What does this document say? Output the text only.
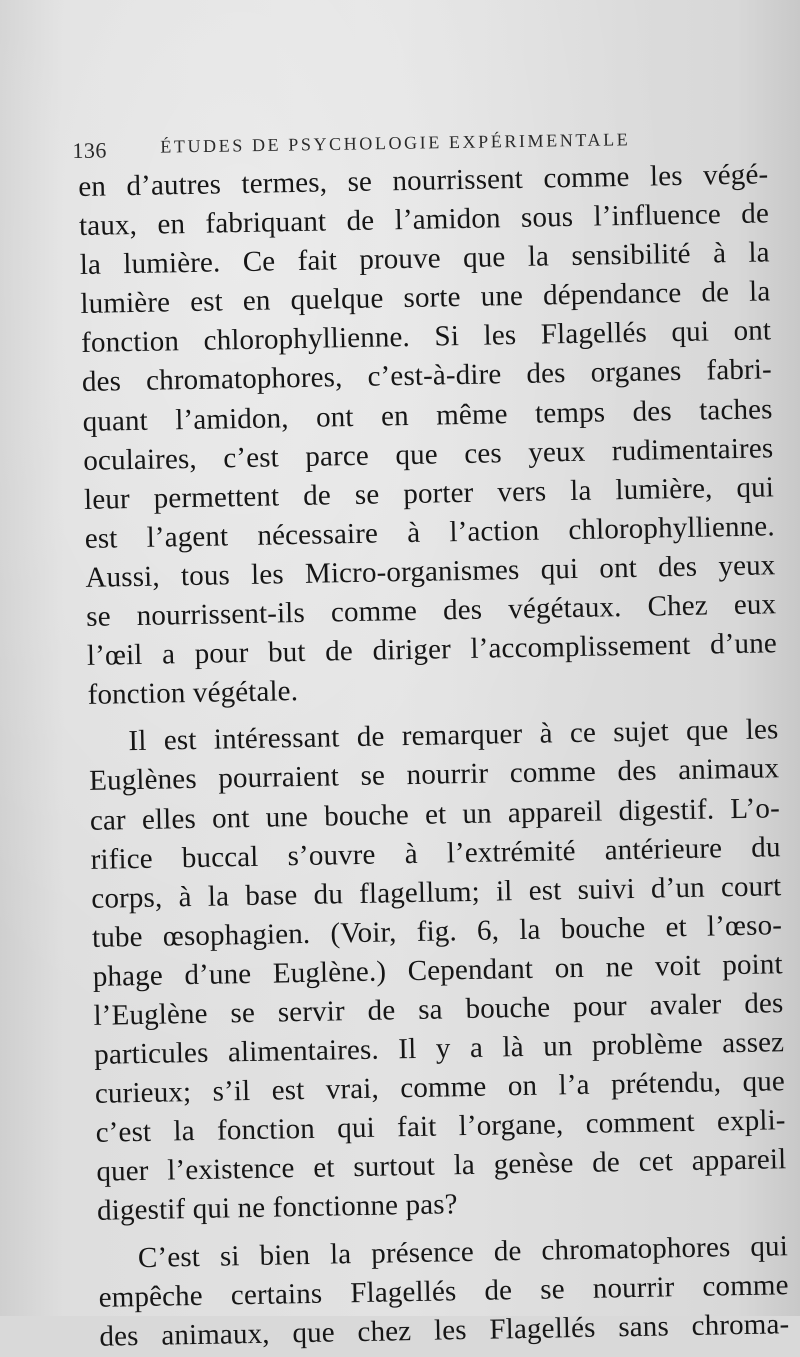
136	ÉTUDES DE PSYCHOLOGIE EXPÉRIMENTALE
en d’autres termes, se nourrissent comme les végé-
taux, en fabriquant de l’amidon sous l’influence de
la lumière. Ce fait prouve que la sensibilité à la
lumière est en quelque sorte une dépendance de la
fonction chlorophyllienne. Si les Flagellés qui ont
des chromatophores, c’est-à-dire des organes fabri-
quant l’amidon, ont en même temps des taches
oculaires, c’est parce que ces yeux rudimentaires
leur permettent de se porter vers la lumière, qui
est l’agent nécessaire à l’action chlorophyllienne.
Aussi, tous les Micro-organismes qui ont des yeux
se nourrissent-ils comme des végétaux. Chez eux
l’œil a pour but de diriger l’accomplissement d’une
fonction végétale.
Il est intéressant de remarquer à ce sujet que les
Euglènes pourraient se nourrir comme des animaux
car elles ont une bouche et un appareil digestif. L’o-
rifice buccal s’ouvre à l’extrémité antérieure du
corps, à la base du flagellum; il est suivi d’un court
tube œsophagien. (Voir, fig. 6, la bouche et l’œso-
phage d’une Euglène.) Cependant on ne voit point
l’Euglène se servir de sa bouche pour avaler des
particules alimentaires. Il y a là un problème assez
curieux; s’il est vrai, comme on l’a prétendu, que
c’est la fonction qui fait l’organe, comment expli-
quer l’existence et surtout la genèse de cet appareil
digestif qui ne fonctionne pas?
C’est si bien la présence de chromatophores qui
empêche certains Flagellés de se nourrir comme
des animaux, que chez les Flagellés sans chroma-
